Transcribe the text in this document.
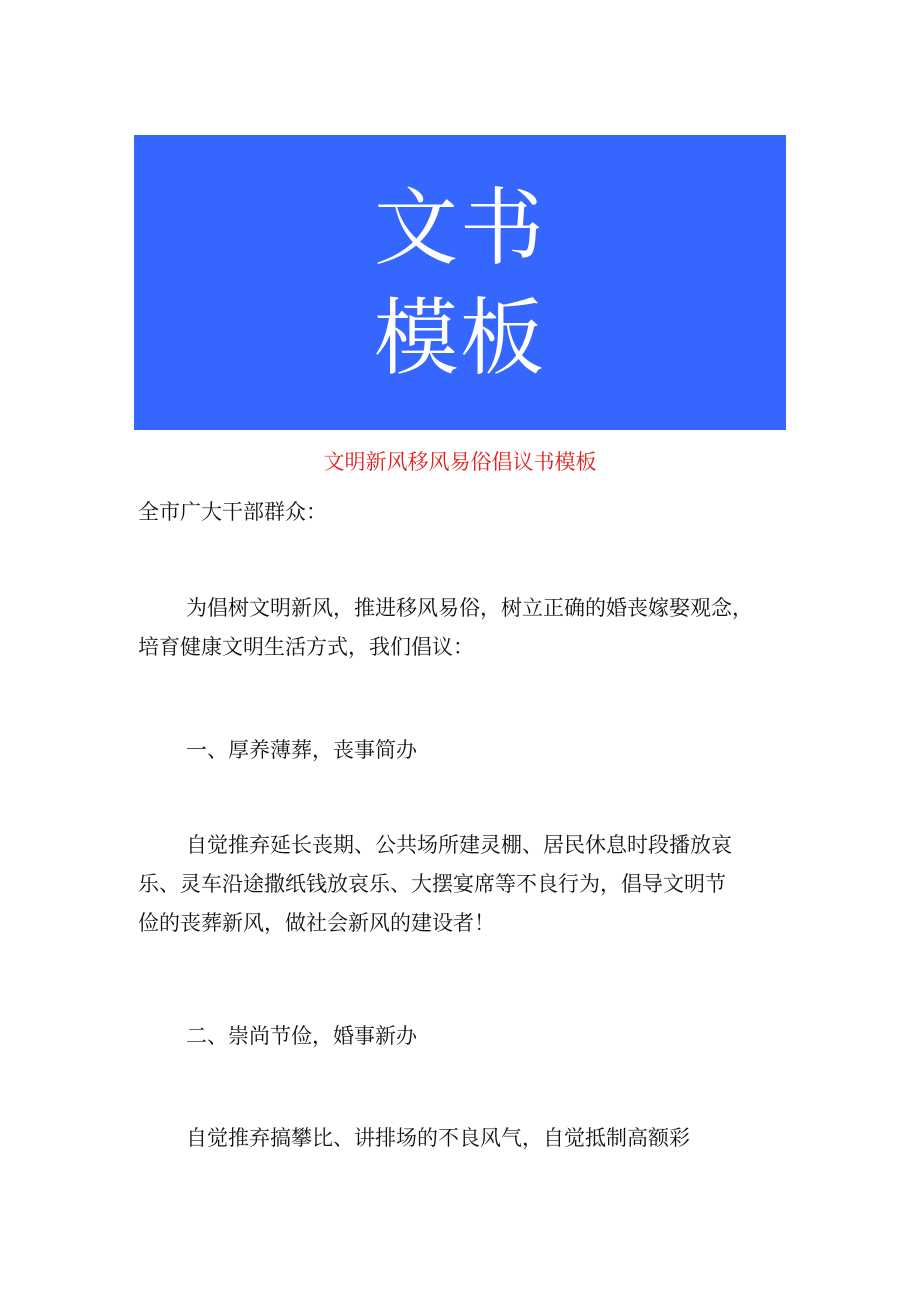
文书
模板
文明新风移风易俗倡议书模板

全市广大干部群众：

为倡树文明新风，推进移风易俗，树立正确的婚丧嫁娶观念，
培育健康文明生活方式，我们倡议：

一、厚养薄葬，丧事简办

自觉推弃延长丧期、公共场所建灵棚、居民休息时段播放哀
乐、灵车沿途撒纸钱放哀乐、大摆宴席等不良行为，倡导文明节
俭的丧葬新风，做社会新风的建设者！

二、崇尚节俭，婚事新办

自觉推弃搞攀比、讲排场的不良风气，自觉抵制高额彩
